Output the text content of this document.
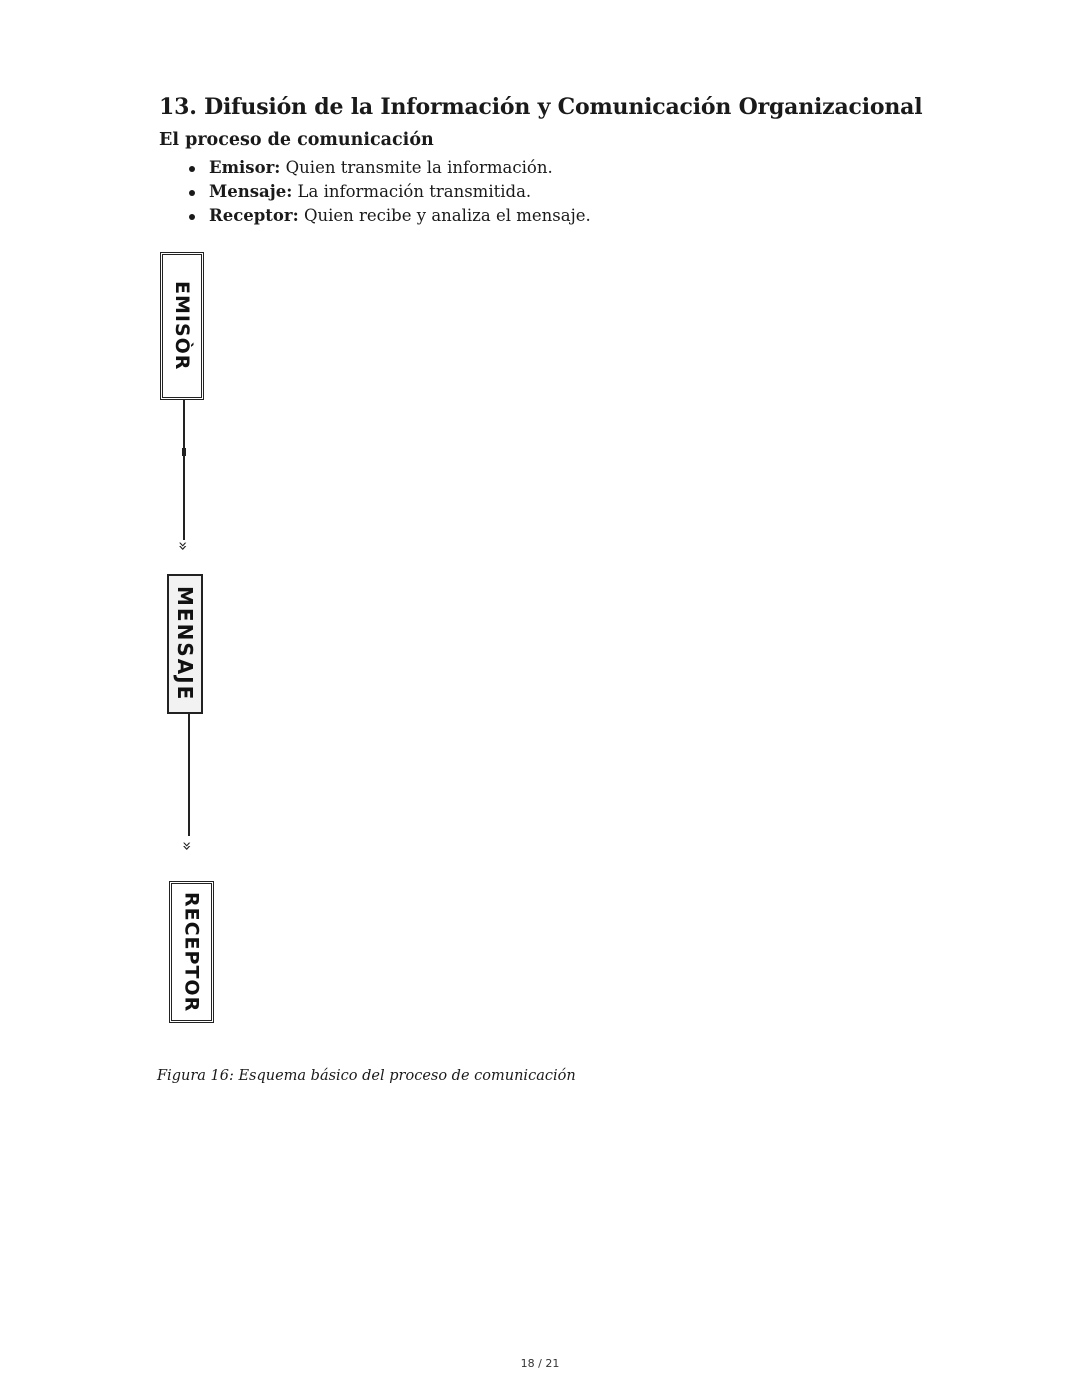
13. Difusión de la Información y Comunicación Organizacional
El proceso de comunicación
Emisor: Quien transmite la información.
Mensaje: La información transmitida.
Receptor: Quien recibe y analiza el mensaje.
EMISÒR
»
MENSAJE
»
RECEPTOR
Figura 16: Esquema básico del proceso de comunicación
18 / 21
